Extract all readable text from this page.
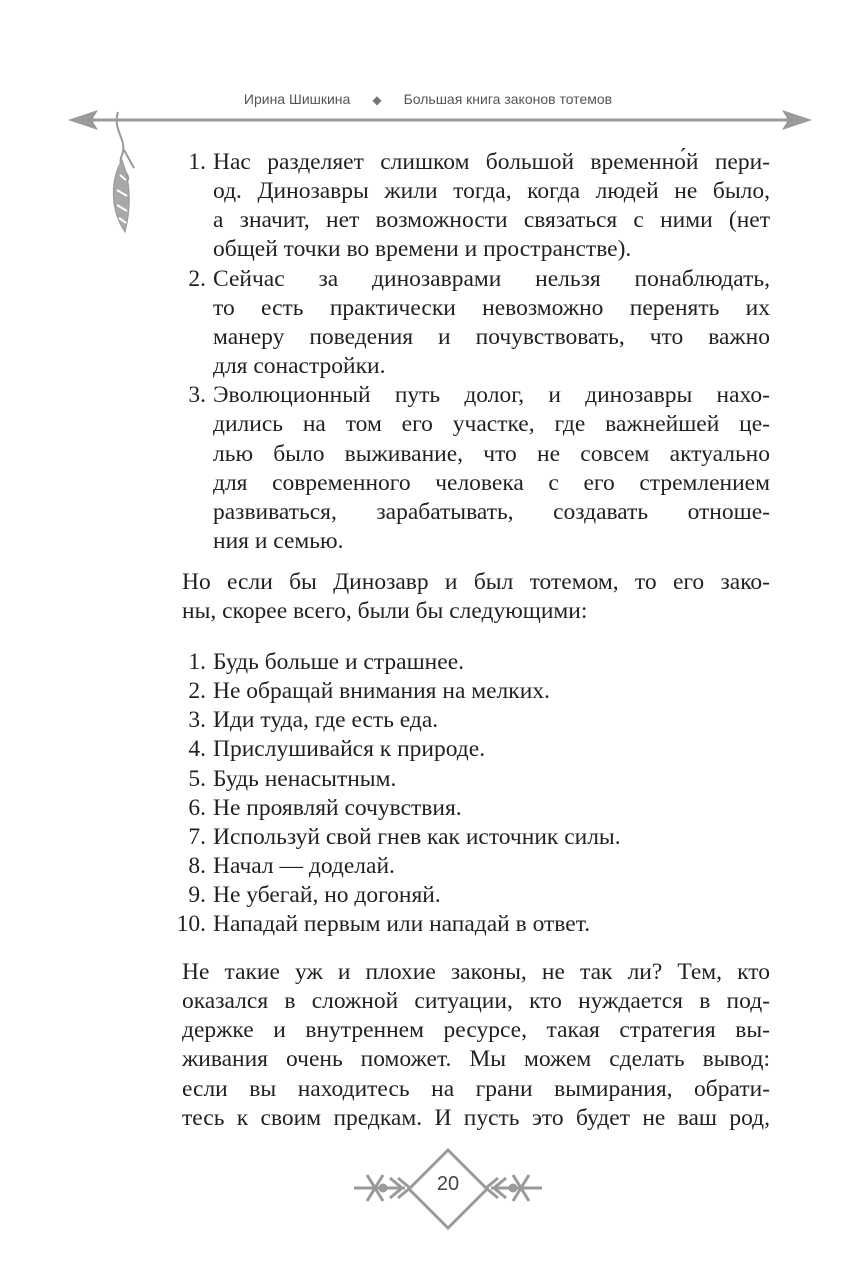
Ирина Шишкина ◆ Большая книга законов тотемов
1. Нас разделяет слишком большой временно́й пери-
од. Динозавры жили тогда, когда людей не было,
а значит, нет возможности связаться с ними (нет
общей точки во времени и пространстве).
2. Сейчас за динозаврами нельзя понаблюдать,
то есть практически невозможно перенять их
манеру поведения и почувствовать, что важно
для сонастройки.
3. Эволюционный путь долог, и динозавры нахо-
дились на том его участке, где важнейшей це-
лью было выживание, что не совсем актуально
для современного человека с его стремлением
развиваться, зарабатывать, создавать отноше-
ния и семью.
Но если бы Динозавр и был тотемом, то его зако-
ны, скорее всего, были бы следующими:
1. Будь больше и страшнее.
2. Не обращай внимания на мелких.
3. Иди туда, где есть еда.
4. Прислушивайся к природе.
5. Будь ненасытным.
6. Не проявляй сочувствия.
7. Используй свой гнев как источник силы.
8. Начал — доделай.
9. Не убегай, но догоняй.
10. Нападай первым или нападай в ответ.
Не такие уж и плохие законы, не так ли? Тем, кто
оказался в сложной ситуации, кто нуждается в под-
держке и внутреннем ресурсе, такая стратегия вы-
живания очень поможет. Мы можем сделать вывод:
если вы находитесь на грани вымирания, обрати-
тесь к своим предкам. И пусть это будет не ваш род,
20
